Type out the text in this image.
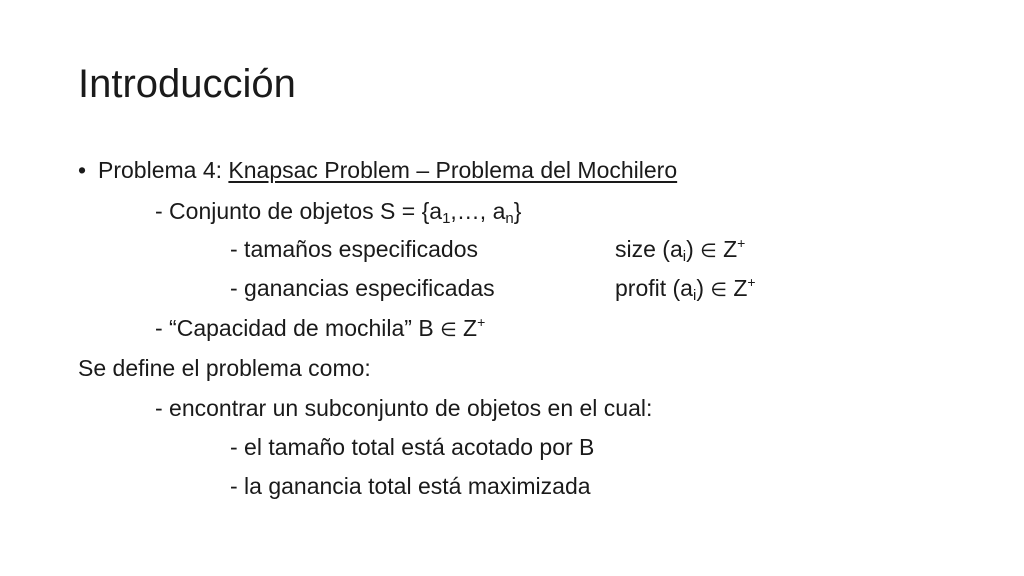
Introducción
• Problema 4: Knapsac Problem – Problema del Mochilero
- Conjunto de objetos $S = \{a_1,\dots$, $a_n$}
- tamaños especificados	size $(a_i)$ ∈ Z+
- ganancias especificadas	profit $(a_i)$ ∈ Z+
- “Capacidad de mochila” B ∈ Z+
Se define el problema como:
- encontrar un subconjunto de objetos en el cual:
- el tamaño total está acotado por B
- la ganancia total está maximizada
